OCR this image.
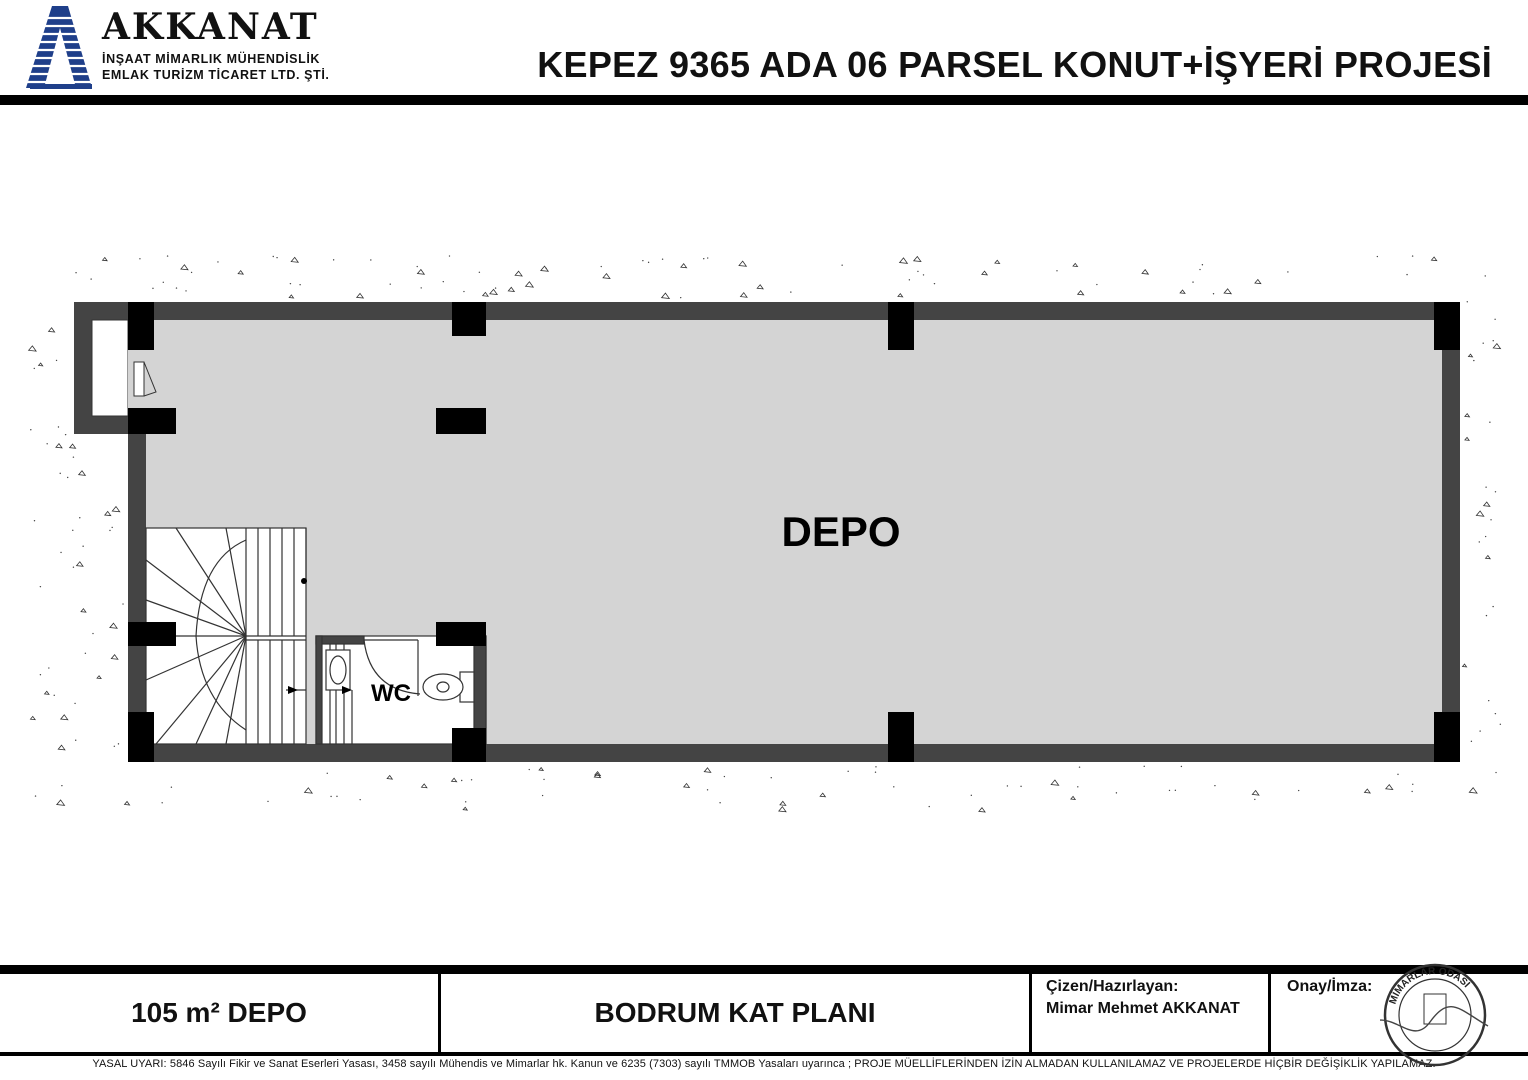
AKKANAT
İNŞAAT MİMARLIK MÜHENDİSLİK
EMLAK TURİZM TİCARET LTD. ŞTİ.	KEPEZ 9365 ADA 06 PARSEL KONUT+İŞYERİ PROJESİ
DEPO
WC
105 m² DEPO	BODRUM KAT PLANI
Çizen/Hazırlayan:
Mimar Mehmet AKKANAT
Onay/İmza:
YASAL UYARI: 5846 Sayılı Fikir ve Sanat Eserleri Yasası, 3458 sayılı Mühendis ve Mimarlar hk. Kanun ve 6235 (7303) sayılı TMMOB Yasaları uyarınca ; PROJE MÜELLİFLERİNDEN İZİN ALMADAN KULLANILAMAZ VE PROJELERDE HİÇBİR DEĞİŞİKLİK YAPILAMAZ.
MİMARLAR ODASI
